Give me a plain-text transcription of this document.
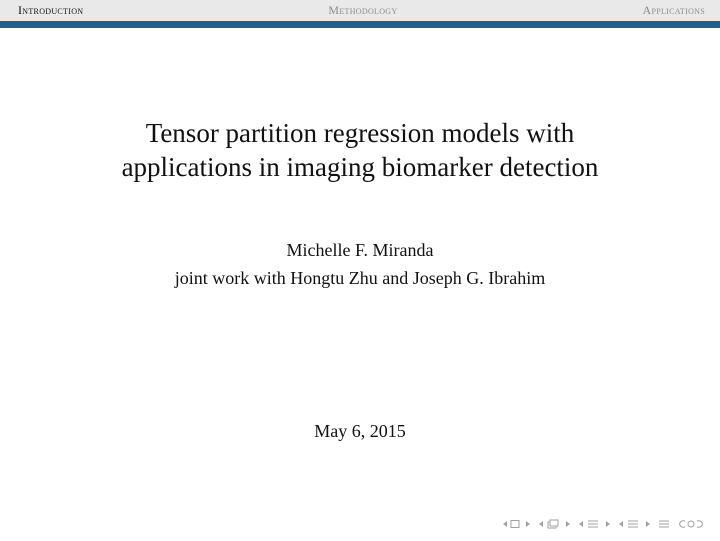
Introduction	Methodology	Applications
Tensor partition regression models with
applications in imaging biomarker detection
Michelle F. Miranda
joint work with Hongtu Zhu and Joseph G. Ibrahim
May 6, 2015
